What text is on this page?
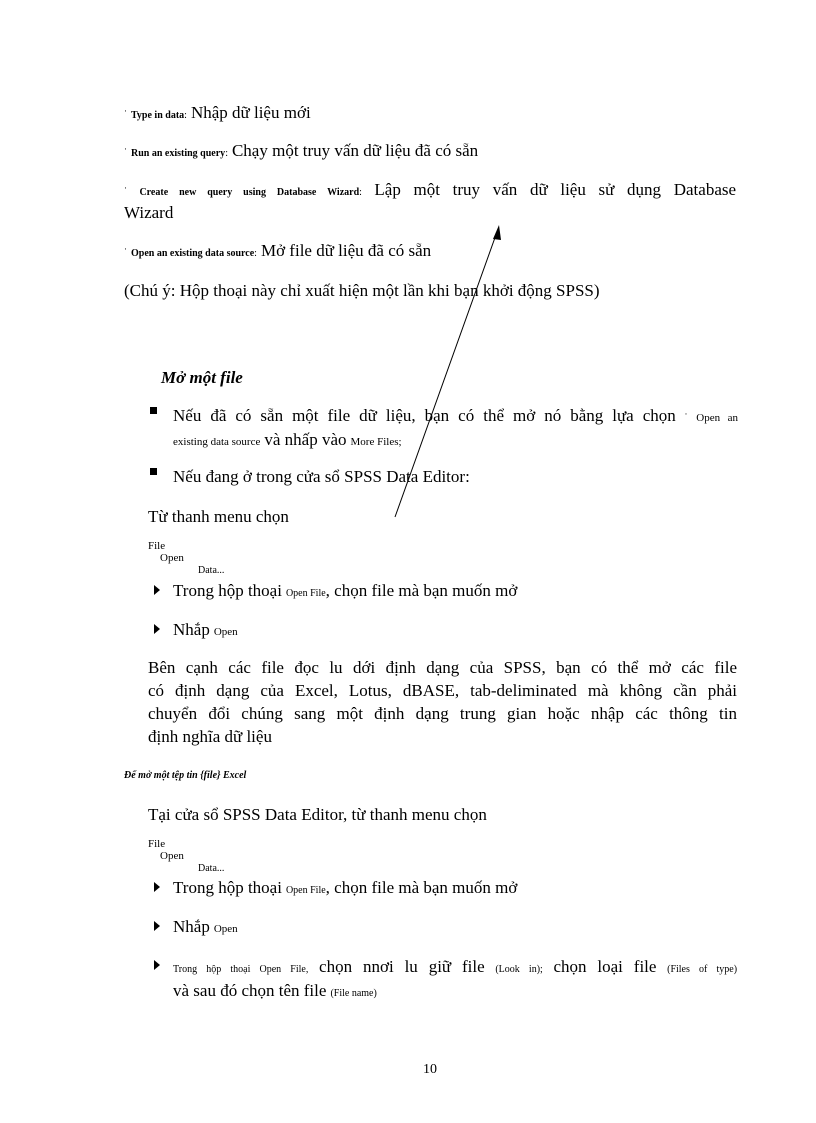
· Type in data: Nhập dữ liệu mới
· Run an existing query: Chạy một truy vấn dữ liệu đã có sẵn
· Create new query using Database Wizard: Lập một truy vấn dữ liệu sử dụng Database
Wizard
· Open an existing data source: Mở file dữ liệu đã có sẵn
(Chú ý: Hộp thoại này chỉ xuất hiện một lần khi bạn khởi động SPSS)
Mở một file
Nếu đã có sẵn một file dữ liệu, bạn có thể mở nó bằng lựa chọn · Open an
existing data source và nhấp vào More Files;
Nếu đang ở trong cửa sổ SPSS Data Editor:
Từ thanh menu chọn
File
Open
Data...
Trong hộp thoại Open File, chọn file mà bạn muốn mở
Nhắp Open
Bên cạnh các file đọc lu dới định dạng của SPSS, bạn có thể mở các file
có định dạng của Excel, Lotus, dBASE, tab-deliminated mà không cần phải
chuyển đổi chúng sang một định dạng trung gian hoặc nhập các thông tin
định nghĩa dữ liệu
Để mở một tệp tin {file} Excel
Tại cửa sổ SPSS Data Editor, từ thanh menu chọn
File
Open
Data...
Trong hộp thoại Open File, chọn file mà bạn muốn mở
Nhắp Open
Trong hộp thoại Open File, chọn nnơi lu giữ file (Look in); chọn loại file (Files of type)
và sau đó chọn tên file (File name)
10
